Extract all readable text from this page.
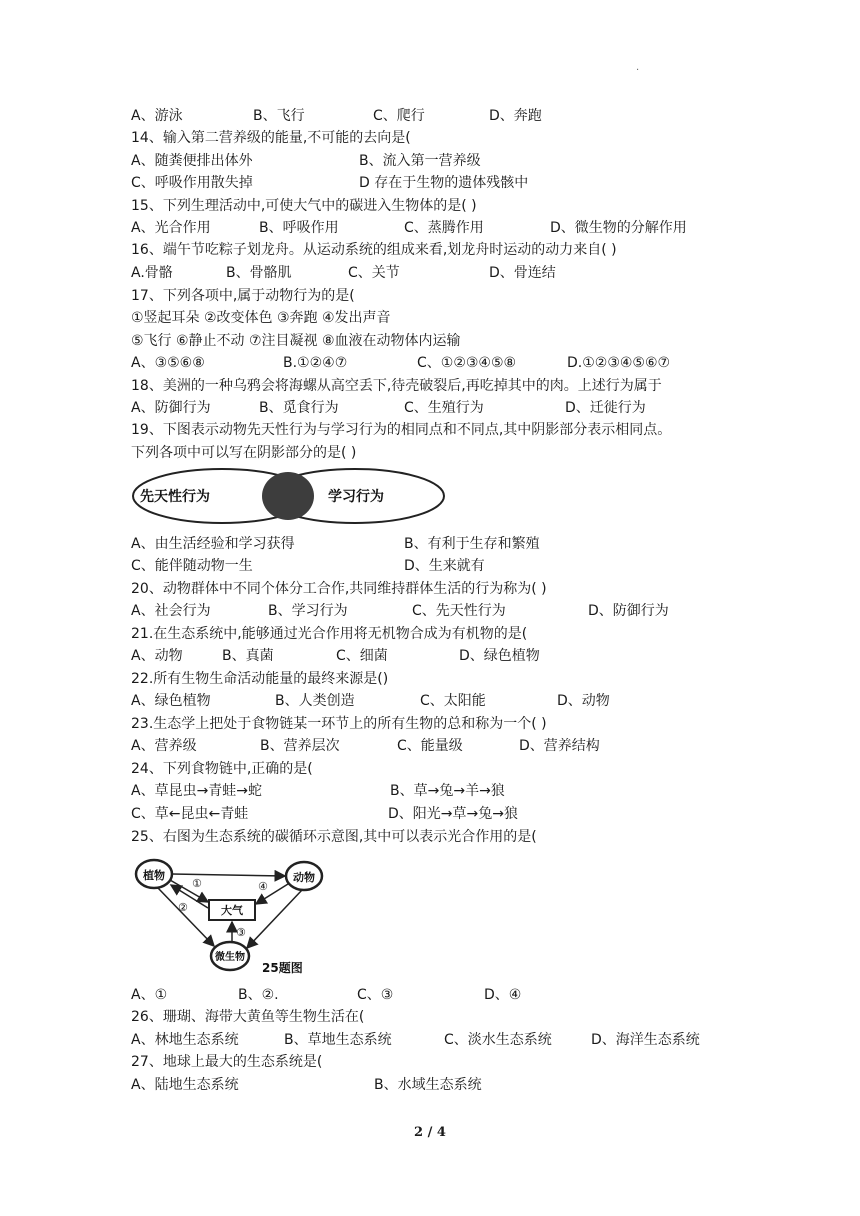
.
A、游泳	B、飞行	C、爬行	D、奔跑
14、输入第二营养级的能量,不可能的去向是(
A、随粪便排出体外	B、流入第一营养级
C、呼吸作用散失掉	D 存在于生物的遗体残骸中
15、下列生理活动中,可使大气中的碳进入生物体的是( )
A、光合作用	B、呼吸作用	C、蒸腾作用	D、微生物的分解作用
16、端午节吃粽子划龙舟。从运动系统的组成来看,划龙舟时运动的动力来自( )
A.骨骼	B、骨骼肌	C、关节	D、骨连结
17、下列各项中,属于动物行为的是(
①竖起耳朵 ②改变体色 ③奔跑 ④发出声音
⑤飞行 ⑥静止不动 ⑦注目凝视 ⑧血液在动物体内运输
A、③⑤⑥⑧	B.①②④⑦	C、①②③④⑤⑧	D.①②③④⑤⑥⑦
18、美洲的一种乌鸦会将海螺从高空丢下,待壳破裂后,再吃掉其中的肉。上述行为属于
A、防御行为	B、觅食行为	C、生殖行为	D、迁徙行为
19、下图表示动物先天性行为与学习行为的相同点和不同点,其中阴影部分表示相同点。
下列各项中可以写在阴影部分的是( )
先天性行为	学习行为
A、由生活经验和学习获得	B、有利于生存和繁殖
C、能伴随动物一生	D、生来就有
20、动物群体中不同个体分工合作,共同维持群体生活的行为称为( )
A、社会行为	B、学习行为	C、先天性行为	D、防御行为
21.在生态系统中,能够通过光合作用将无机物合成为有机物的是(
A、动物	B、真菌	C、细菌	D、绿色植物
22.所有生物生命活动能量的最终来源是()
A、绿色植物	B、人类创造	C、太阳能	D、动物
23.生态学上把处于食物链某一环节上的所有生物的总和称为一个( )
A、营养级	B、营养层次	C、能量级	D、营养结构
24、下列食物链中,正确的是(
A、草昆虫→青蛙→蛇	B、草→兔→羊→狼
C、草←昆虫←青蛙	D、阳光→草→兔→狼
25、右图为生态系统的碳循环示意图,其中可以表示光合作用的是(
植物	动物
大气
微生物
①
②
③
④
25题图
A、①	B、②.	C、③	D、④
26、珊瑚、海带大黄鱼等生物生活在(
A、林地生态系统	B、草地生态系统	C、淡水生态系统	D、海洋生态系统
27、地球上最大的生态系统是(
A、陆地生态系统	B、水域生态系统
2 / 4
